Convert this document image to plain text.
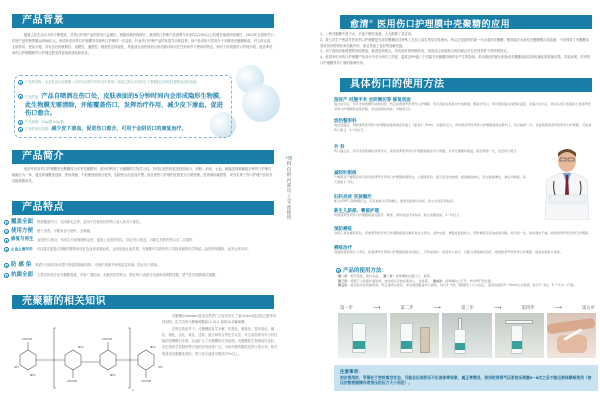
产品背景
随着人民生活水平的不断提高，对伤口护理产品的需求日益增长。根据权威机构统计，我国伤口护理产品消费今年来均以25%以上的增长速度持续增长，2012年全国的伤口护理产品的销售额达到80亿元。愈清®医用伤口护理膜对传统伤口护理的一次变革，代表伤口护理产品的发展方向和趋势，该产品采用天然高分子多糖类壳聚糖制成，对人体无毒，无副作用，使用方便，具有良好的吸附性、成膜性、通透性、吸湿性及保湿性，具备适合创伤面愈合的创面环境可在任何条件下使用的特点，相对于传统的伤口护理手段，愈清®医用伤口护理膜使伤口护理过程变得更加的简化和优化。
产品的结构：本品是由从壳聚糖（由甲壳动物中的外壳中提取）经脱乙酰反应后的几丁聚糖经过高科技提炼而成的溶液。
产品性能：产品自喷洒在伤口处，皮肤表面的5分钟时间内会形成隐形生物膜，此生物膜无需清除，并能覆盖伤口，发挥治疗作用，减少皮下渗血，促进伤口愈合。
产品规格：20g/瓶 30g/瓶
产品的适用范围：减少皮下渗血，促进伤口愈合，可用于会阴切口的康复治疗。
产品简介
愈清®医用伤口护理膜是壳聚糖成为本发性聚膜剂，更好的利用了壳聚糖的生物学习性，具有抗创伤的促进创面愈合，消肿、消炎、止血、镇痛及抑制瘢痕多种伤口护理功能融合为一体，通过喷涌覆盖创面，使用简便，不但便创面愈合更快，创面愈合后更加平整，而且使伤口护理的过程更为方便快捷，患者减轻痛感等，成为实现了伤口护理产品的多功能和简单化。
产品特点
覆盖全面 喷洒覆盖伤口，无间隙无边界，适用于任意形状的伤口及人体各个部位。
使用方便 便于清洗，可随身自行使用，无刺激。
修复与再生 促进伤口愈合，具有生长和细胞的活化，促进上皮组织再生，防止伤口粘连，对新生皮肤的伤口无二次损伤
止血止痛作用 可以通过促进红细胞的聚集和成红色血栓或凝血块，达到迅速止血效果，壳聚糖可以吸收伤口导致疼痛的化学物质—血管舒缓激肽，起到止疼作用。
防 感 染 喷洒于创面后形成透气保湿的隔离结构，可保护创面并形成湿性环境，防止伤口感染。
抗菌全面 主要有效成分是壳聚糖溶液，具有广谱抗菌、无耐药性的特点，喷在伤口表面后迅速形成吸附性膜，透气性好的隔离抗菌膜。
壳聚糖的相关知识
CH₂OH	CH₂OH
CH₂OH	CH₂OH
NH₂
NH₂
NH₂
NH₂
OH	OH
n
壳聚糖(chitosan)是由自然界广泛存在的几丁质(chitin)经过脱乙酰作用得到的，化学名称为聚葡萄糖胺(1-4)-2-氨基-B-D葡萄糖。
在特定的条件下，壳聚糖能发生水解、烷基化、酰基化、羧甲基化、磺化、硝化、卤化、氧化、还原、缩合和络合等化学反应，可生成各种具有不同性能的壳聚糖衍生物，从而扩大了壳聚糖的应用范围。壳聚糖的生物相容性良好，在生物医学及制药等方面的应用前景广泛，可用作缓伤敷料及伤口愈合剂，相关报道用壳聚糖处理后，伤口愈合速度可提高75%以上。
*资料仅供内部员工交流使用
愈清® 医用伤口护理膜中壳聚糖的应用
1、一般壳聚糖不溶于水，只溶于酸性溶液，大大限制了其应用。
2、我公司生产愈清®医用伤口护理膜是先将壳聚糖经过特殊工艺加工成生物学活性液体，所以它是更好的新一代水溶性壳聚糖。既然能在水溶性壳聚糖整合成溶液，不但保持了壳聚糖本身所具有的特性和功能作用，而且具备了良好的溶解性能。
3、用于创面后能缓慢的创面感染，促进创面愈合，具有较好的抑菌作用，具备适合创面愈合的创面且可在任何条件下使用的特点。
4、愈清®医用伤口护理膜产品设计中充分研究了浓度、温度及PH值三个因素对壳聚糖抑菌作用产生的影响，采用最佳的配比制备成壳聚糖溶液以获取最佳的抑菌效果。实验表明，医用伤口护理膜具有广谱的抑菌作用。
具体伤口的使用方法
剖宫产 经腹手术 会阴侧切等 修复创面
缝合完毕后，用手术常规操作消毒创面，然后将愈清®医用伤口护理膜，用手直接在局部均匀地喷洒，覆盖好创口，用可吸收缝合线剪取适量，见缝合完毕后，再在其创口表面涂上愈清®医用伤口护理膜形成保护膜，术后换药时喷涂，早晚各1次。
烧伤整形科
清洁创面后，用愈清®医用伤口护理膜直接喷洒在伤面上（距离2~3cm），如面积过大，再用愈清®医用伤口护理膜喷洒在敷料上，每日换药一次，直接喷洒愈清®医用伤口护理膜，可加速伤口愈合，1~2次/天。
外 科
伤口缝合后，用手术常规操作消毒伤口，将愈清®医用伤口护理膜喷洒在伤口周围，并用无菌敷料覆盖，隔日喷洒一次，直至伤口愈合。
减轻针眼痕
产褥期及产褥期后均可使用愈清®医用伤口护理膜喷洒患处，大腿等部位，配合适当的按摩，促进瘢痕软化，防止瘢痕增生，减轻针眼痕，每天喷涂1~2次。
妇科炎症 宫颈糜烂
配合LEEP刀等物理疗法，可有效减少宫颈糜烂，缩短创面愈合时间，防止出现宫颈粘连。
新生儿脐部、臀部护理
用愈清®医用伤口护理膜喷洒在脐部、臀部，预防或治疗尿布疹，防止细菌感染，1~2次/天。
预防褥疮
对病人易发褥疮部位，用愈清®医用伤口护理膜喷洒在褥疮易发生部位，保护皮肤，增强皮肤抵抗力，预防褥疮及其他皮肤问题。每天喷一次，保持清洁干燥，喷洒愈清®医用伤口护理膜。
褥疮治疗
创面按常规清洁干净后，将愈清®医用伤口护理膜喷洒在创面上，可形成保护，促进伤口愈合，可配合常规换药治疗，喷洒愈清®医用伤口护理膜，提高创面愈合速度。
产品的使用方法：
第一步：拆开包装，取出本品。 第二步：将喷嘴装在瓶口上，旋紧。
第三步：将瓶子上的保护盖取掉，按住喷头安装在瓶身上，并旋紧。 第四步：将喷嘴向上打开，转动90°的位置。
第五步：按压前对着创面喷涂，用后将喷头收回，单次喷洒覆盖伤口面积，每日3~5次（根据伤口大小而定），距离创面约5~10cm左右喷洒，每日2~3次，3~7天为一疗程。
第一步	⟶	第二步	⟶	第三步	⟶	第四步	⟶	第五步
注意事项：
初次使用时，导管处于密封真空状态，可能会出现挤压不出液体等现象，属正常情况，使用时须将气压泵按压刺激6~8次之后才能出液体顺畅使用（按压次数根据操作者按压的压力大小而定）。
